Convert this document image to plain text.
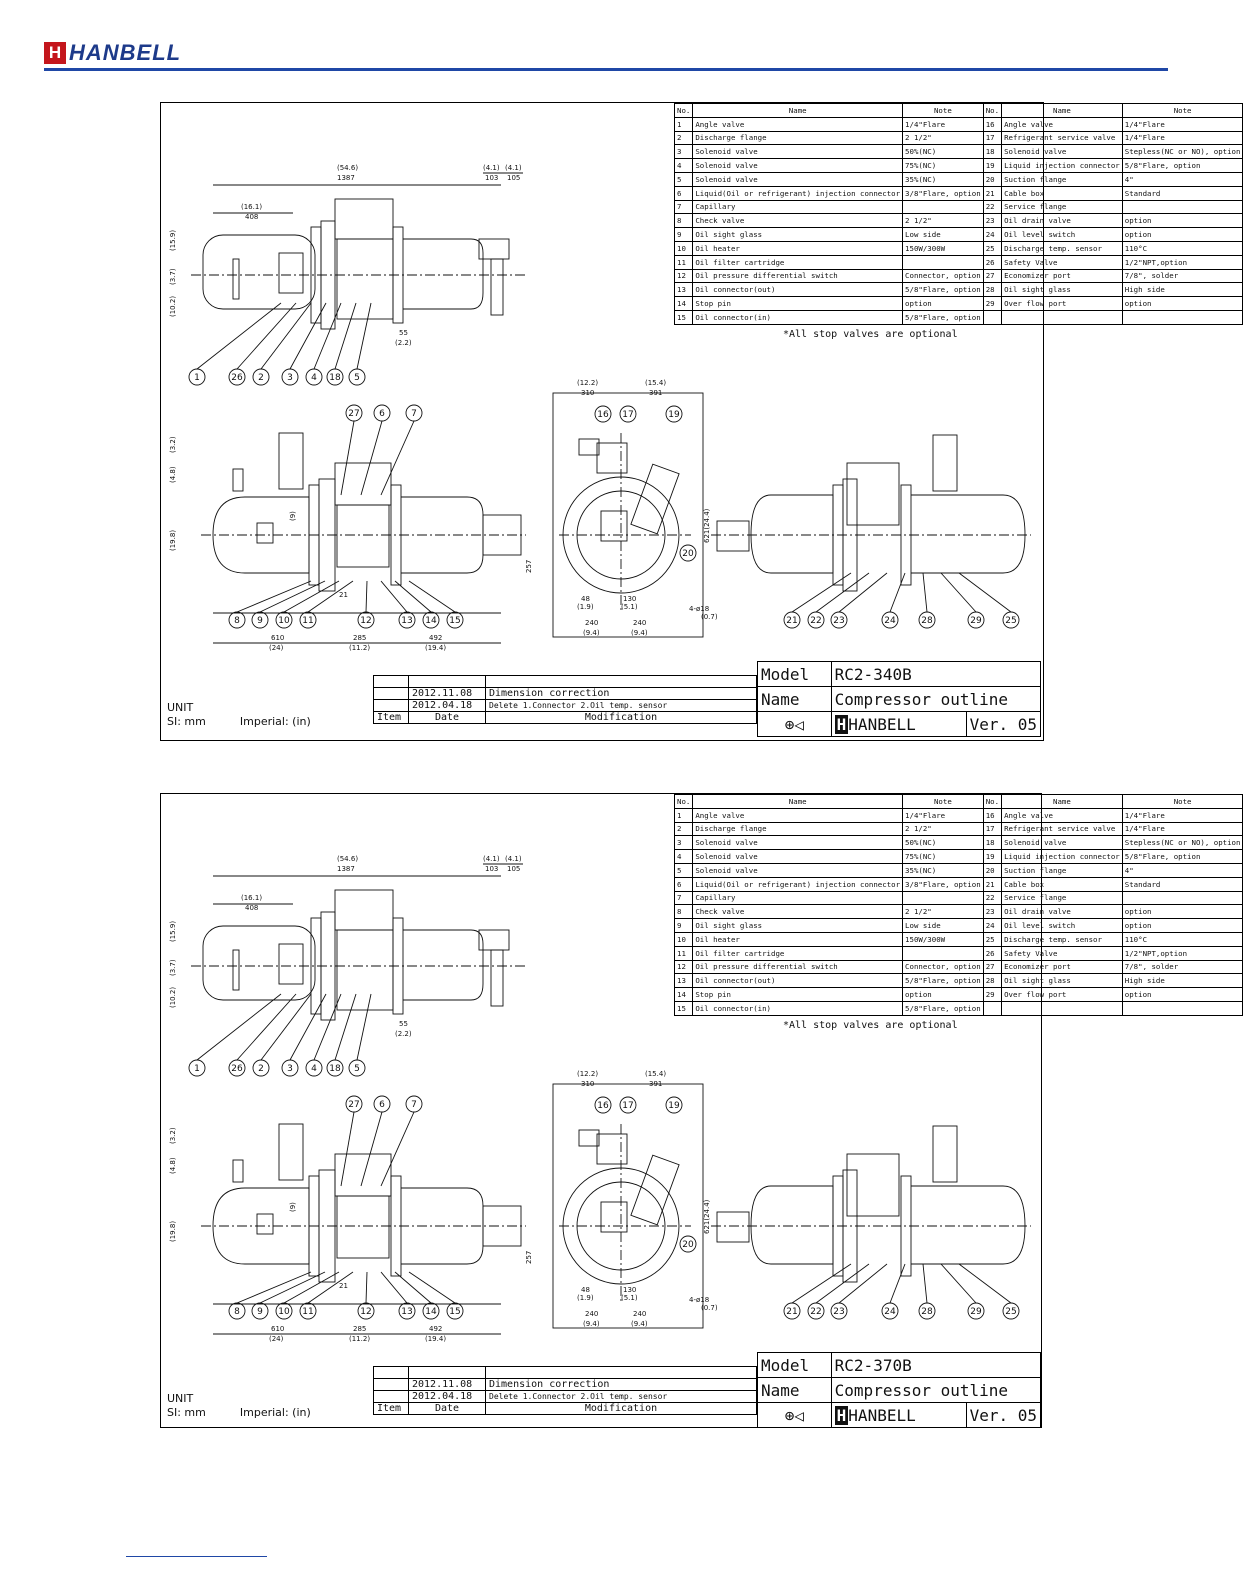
H HANBELL
(54.6)
1387
(16.1)
408
(4.1)
103
(4.1)
105
55
(2.2)
(15.9)
(3.7)
(10.2)
1	26 2	3 4 18 5
8 9 10 11	12	13 14 15
27 6	7
610
(24)
285
(11.2)
492
(19.4)
(19.8)
(4.8)
(3.2)
257
(9)
21
16 17	19
20
(12.2)
310
(15.4)
391
48
(1.9)
130
(5.1)
240
(9.4)
240
(9.4)
4-ø18
(0.7)
621(24.4)
21 22 23	24	28	29	25
No.	Name	Note	No.	Name	Note
1	Angle valve	1/4"Flare	16	Angle valve	1/4"Flare
2	Discharge flange	2 1/2"	17	Refrigerant service valve	1/4"Flare
3	Solenoid valve	50%(NC)	18	Solenoid valve	Stepless(NC or NO), option
4	Solenoid valve	75%(NC)	19	Liquid injection connector	5/8"Flare, option
5	Solenoid valve	35%(NC)	20	Suction flange	4"
6	Liquid(Oil or refrigerant) injection connector	3/8"Flare, option	21	Cable box	Standard
7	Capillary		22	Service flange	
8	Check valve	2 1/2"	23	Oil drain valve	option
9	Oil sight glass	Low side	24	Oil level switch	option
10	Oil heater	150W/300W	25	Discharge temp. sensor	110°C
11	Oil filter cartridge		26	Safety Valve	1/2"NPT,option
12	Oil pressure differential switch	Connector, option	27	Economizer port	7/8", solder
13	Oil connector(out)	5/8"Flare, option	28	Oil sight glass	High side
14	Stop pin	option	29	Over flow port	option
15	Oil connector(in)	5/8"Flare, option			
*All stop valves are optional

	2012.11.08	Dimension correction
	2012.04.18	Delete 1.Connector 2.Oil temp. sensor
Item	Date	Modification
Model	RC2-340B	
Name	Compressor outline	
⊕◁	H HANBELL	Ver. 05
UNIT
SI: mm	Imperial: (in)
(54.6)
1387
(16.1)
408
(4.1)
103
(4.1)
105
55
(2.2)
(15.9)
(3.7)
(10.2)
1	26 2	3 4 18 5
8 9 10 11	12	13 14 15
27 6	7
610
(24)
285
(11.2)
492
(19.4)
(19.8)
(4.8)
(3.2)
257
(9)
21
16 17	19
20
(12.2)
310
(15.4)
391
48
(1.9)
130
(5.1)
240
(9.4)
240
(9.4)
4-ø18
(0.7)
621(24.4)
21 22 23	24	28	29	25
No.	Name	Note	No.	Name	Note
1	Angle valve	1/4"Flare	16	Angle valve	1/4"Flare
2	Discharge flange	2 1/2"	17	Refrigerant service valve	1/4"Flare
3	Solenoid valve	50%(NC)	18	Solenoid valve	Stepless(NC or NO), option
4	Solenoid valve	75%(NC)	19	Liquid injection connector	5/8"Flare, option
5	Solenoid valve	35%(NC)	20	Suction flange	4"
6	Liquid(Oil or refrigerant) injection connector	3/8"Flare, option	21	Cable box	Standard
7	Capillary		22	Service flange	
8	Check valve	2 1/2"	23	Oil drain valve	option
9	Oil sight glass	Low side	24	Oil level switch	option
10	Oil heater	150W/300W	25	Discharge temp. sensor	110°C
11	Oil filter cartridge		26	Safety Valve	1/2"NPT,option
12	Oil pressure differential switch	Connector, option	27	Economizer port	7/8", solder
13	Oil connector(out)	5/8"Flare, option	28	Oil sight glass	High side
14	Stop pin	option	29	Over flow port	option
15	Oil connector(in)	5/8"Flare, option			
*All stop valves are optional

	2012.11.08	Dimension correction
	2012.04.18	Delete 1.Connector 2.Oil temp. sensor
Item	Date	Modification
Model	RC2-370B	
Name	Compressor outline	
⊕◁	H HANBELL	Ver. 05
UNIT
SI: mm	Imperial: (in)
